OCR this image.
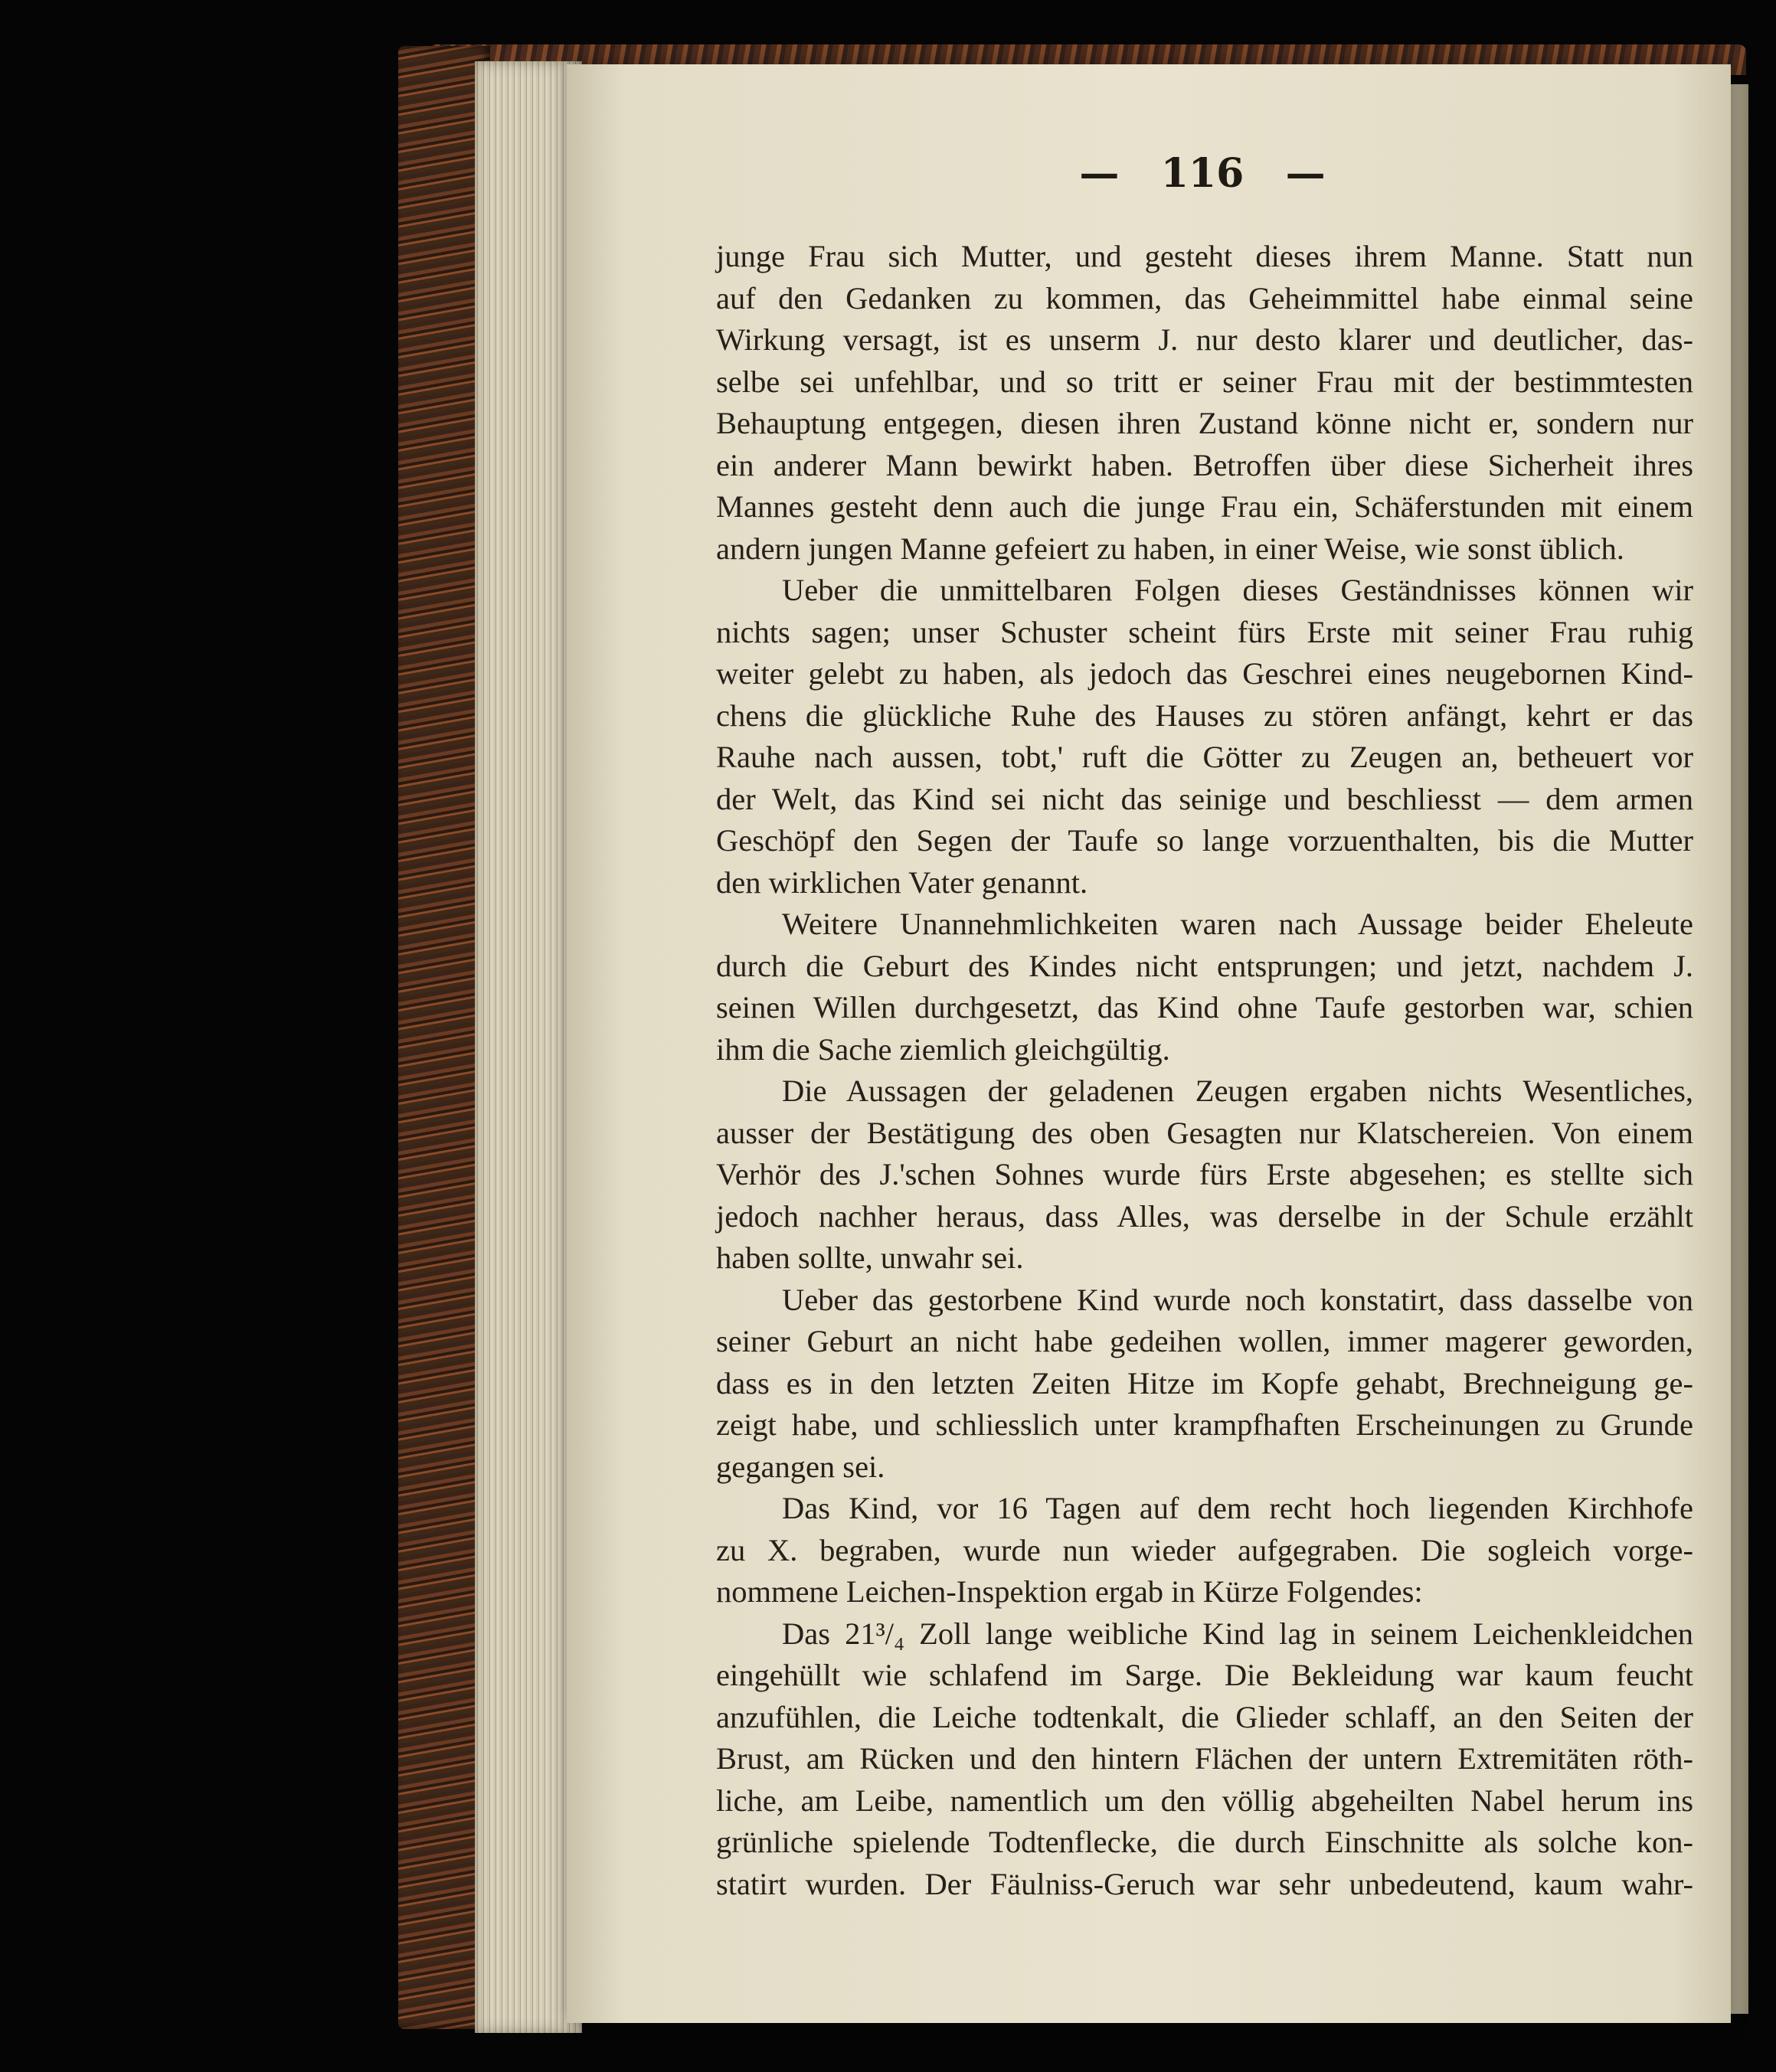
— 116 —
junge Frau sich Mutter, und gesteht dieses ihrem Manne. Statt nun
auf den Gedanken zu kommen, das Geheimmittel habe einmal seine
Wirkung versagt, ist es unserm J. nur desto klarer und deutlicher, das-
selbe sei unfehlbar, und so tritt er seiner Frau mit der bestimmtesten
Behauptung entgegen, diesen ihren Zustand könne nicht er, sondern nur
ein anderer Mann bewirkt haben. Betroffen über diese Sicherheit ihres
Mannes gesteht denn auch die junge Frau ein, Schäferstunden mit einem
andern jungen Manne gefeiert zu haben, in einer Weise, wie sonst üblich.
Ueber die unmittelbaren Folgen dieses Geständnisses können wir
nichts sagen; unser Schuster scheint fürs Erste mit seiner Frau ruhig
weiter gelebt zu haben, als jedoch das Geschrei eines neugebornen Kind-
chens die glückliche Ruhe des Hauses zu stören anfängt, kehrt er das
Rauhe nach aussen, tobt,' ruft die Götter zu Zeugen an, betheuert vor
der Welt, das Kind sei nicht das seinige und beschliesst — dem armen
Geschöpf den Segen der Taufe so lange vorzuenthalten, bis die Mutter
den wirklichen Vater genannt.
Weitere Unannehmlichkeiten waren nach Aussage beider Eheleute
durch die Geburt des Kindes nicht entsprungen; und jetzt, nachdem J.
seinen Willen durchgesetzt, das Kind ohne Taufe gestorben war, schien
ihm die Sache ziemlich gleichgültig.
Die Aussagen der geladenen Zeugen ergaben nichts Wesentliches,
ausser der Bestätigung des oben Gesagten nur Klatschereien. Von einem
Verhör des J.'schen Sohnes wurde fürs Erste abgesehen; es stellte sich
jedoch nachher heraus, dass Alles, was derselbe in der Schule erzählt
haben sollte, unwahr sei.
Ueber das gestorbene Kind wurde noch konstatirt, dass dasselbe von
seiner Geburt an nicht habe gedeihen wollen, immer magerer geworden,
dass es in den letzten Zeiten Hitze im Kopfe gehabt, Brechneigung ge-
zeigt habe, und schliesslich unter krampfhaften Erscheinungen zu Grunde
gegangen sei.
Das Kind, vor 16 Tagen auf dem recht hoch liegenden Kirchhofe
zu X. begraben, wurde nun wieder aufgegraben. Die sogleich vorge-
nommene Leichen-Inspektion ergab in Kürze Folgendes:
Das 21³/₄ Zoll lange weibliche Kind lag in seinem Leichenkleidchen
eingehüllt wie schlafend im Sarge. Die Bekleidung war kaum feucht
anzufühlen, die Leiche todtenkalt, die Glieder schlaff, an den Seiten der
Brust, am Rücken und den hintern Flächen der untern Extremitäten röth-
liche, am Leibe, namentlich um den völlig abgeheilten Nabel herum ins
grünliche spielende Todtenflecke, die durch Einschnitte als solche kon-
statirt wurden. Der Fäulniss-Geruch war sehr unbedeutend, kaum wahr-
